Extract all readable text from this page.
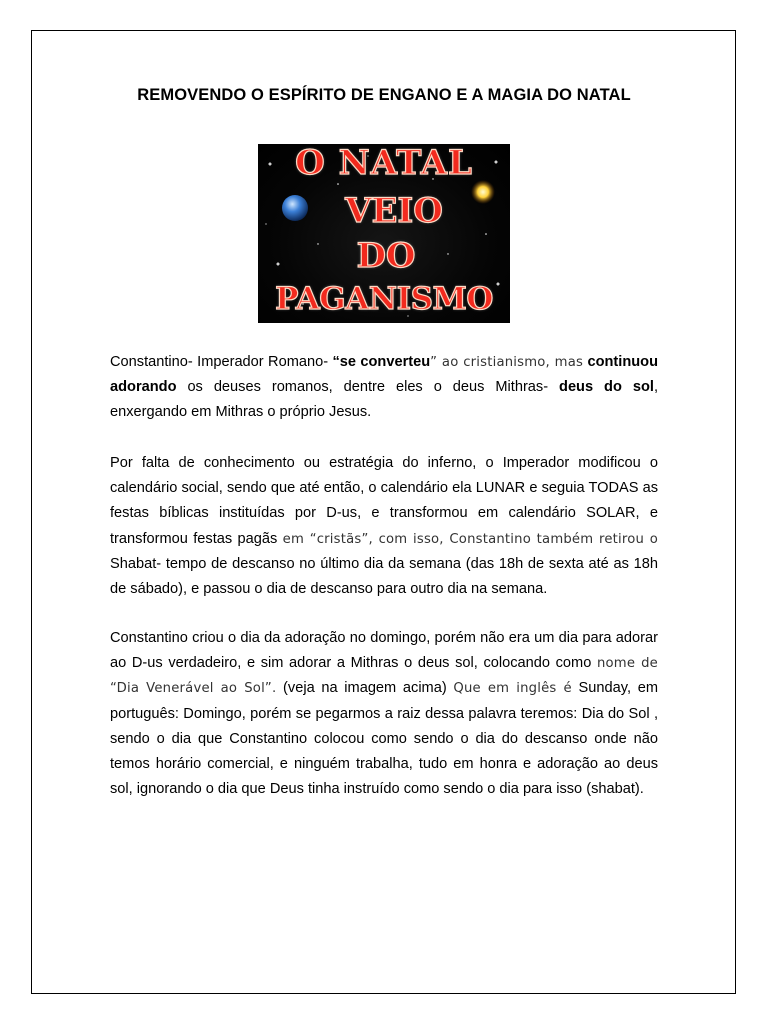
REMOVENDO O ESPÍRITO DE ENGANO E A MAGIA DO NATAL
O NATAL
VEIO
DO
PAGANISMO
Constantino- Imperador Romano- “se converteu” ao cristianismo, mas continuou adorando os deuses romanos, dentre eles o deus Mithras- deus do sol, enxergando em Mithras o próprio Jesus.
Por falta de conhecimento ou estratégia do inferno, o Imperador modificou o calendário social, sendo que até então, o calendário ela LUNAR e seguia TODAS as festas bíblicas instituídas por D-us, e transformou em calendário SOLAR, e transformou festas pagãs em “cristãs”, com isso, Constantino também retirou o Shabat- tempo de descanso no último dia da semana (das 18h de sexta até as 18h de sábado), e passou o dia de descanso para outro dia na semana.
Constantino criou o dia da adoração no domingo, porém não era um dia para adorar ao D-us verdadeiro, e sim adorar a Mithras o deus sol, colocando como nome de “Dia Venerável ao Sol”. (veja na imagem acima) Que em inglês é Sunday, em português: Domingo, porém se pegarmos a raiz dessa palavra teremos: Dia do Sol , sendo o dia que Constantino colocou como sendo o dia do descanso onde não temos horário comercial, e ninguém trabalha, tudo em honra e adoração ao deus sol, ignorando o dia que Deus tinha instruído como sendo o dia para isso (shabat).
